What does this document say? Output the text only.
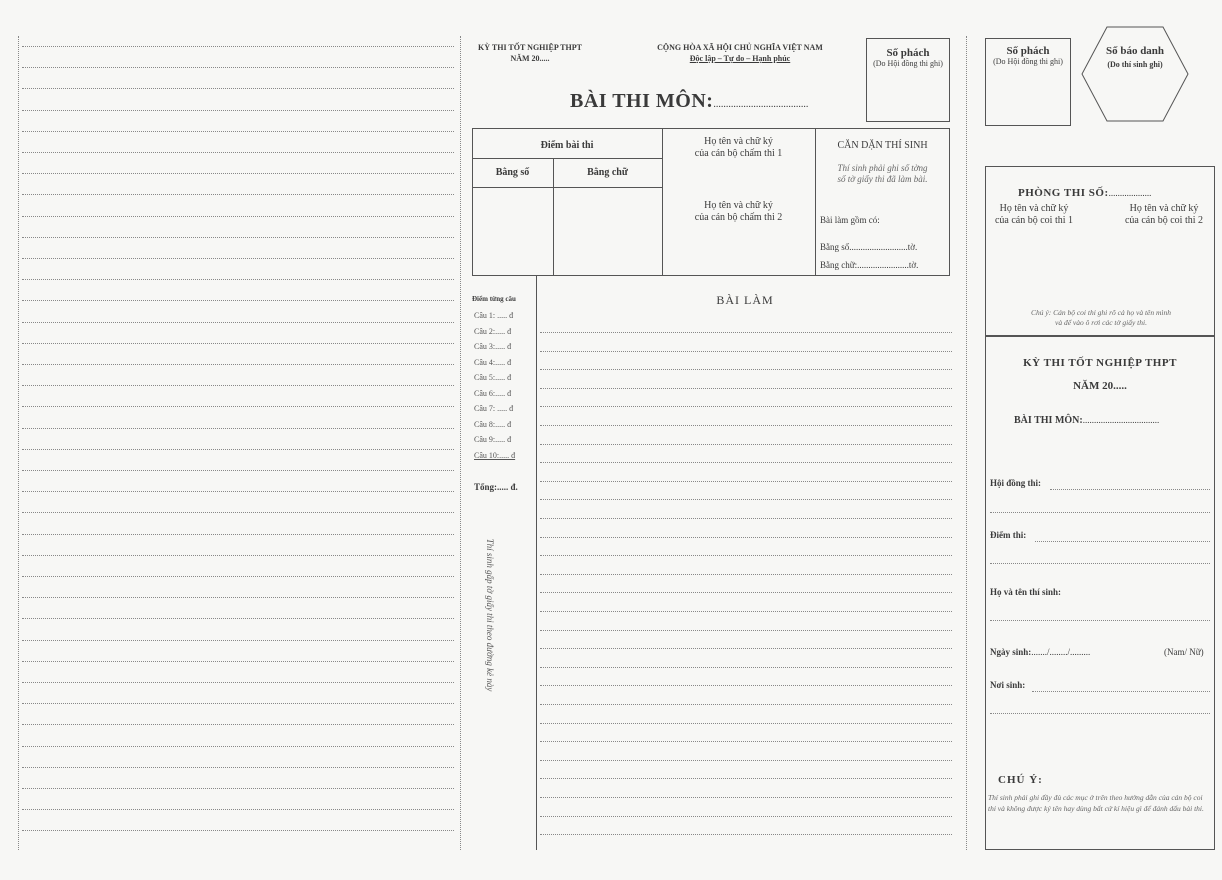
KỲ THI TỐT NGHIỆP THPT
NĂM 20.....
CỘNG HÒA XÃ HỘI CHỦ NGHĨA VIỆT NAM
Độc lập – Tự do – Hạnh phúc	Số phách
(Do Hội đồng thi ghi)
BÀI THI MÔN:......................................
Điểm bài thi
Bằng số	Bằng chữ
Họ tên và chữ ký
của cán bộ chấm thi 1
Họ tên và chữ ký
của cán bộ chấm thi 2
CĂN DẶN THÍ SINH
Thí sinh phải ghi số tờng
số tờ giấy thi đã làm bài.
Bài làm gồm có:
Bằng số..........................tờ.
Bằng chữ:.......................tờ.
Điểm từng câu
Câu 1: ..... đ
Câu 2:..... đ
Câu 3:..... đ
Câu 4:..... đ
Câu 5:..... đ
Câu 6:..... đ
Câu 7: ..... đ
Câu 8:..... đ
Câu 9:..... đ
Câu 10:..... đ
Tổng:..... đ.
Thí sinh gấp tờ giấy thi theo đường kẻ này
BÀI LÀM
Số phách
(Do Hội đồng thi ghi)
Số báo danh
(Do thí sinh ghi)
PHÒNG THI SỐ:...................
Họ tên và chữ ký
của cán bộ coi thi 1
Họ tên và chữ ký
của cán bộ coi thi 2
Chú ý: Cán bộ coi thi ghi rõ cả họ và tên mình
và để vào ô rơi các tờ giấy thi.
KỲ THI TỐT NGHIỆP THPT
NĂM 20.....
BÀI THI MÔN:..................................
Hội đồng thi:
Điểm thi:
Họ và tên thí sinh:
Ngày sinh:......./......../.........	(Nam/ Nữ)
Nơi sinh:
CHÚ Ý:
Thí sinh phải ghi đầy đủ các mục ở trên theo hướng dẫn của cán bộ coi thi và không được ký tên hay dùng bất cứ kí hiệu gì để đánh dấu bài thi.
